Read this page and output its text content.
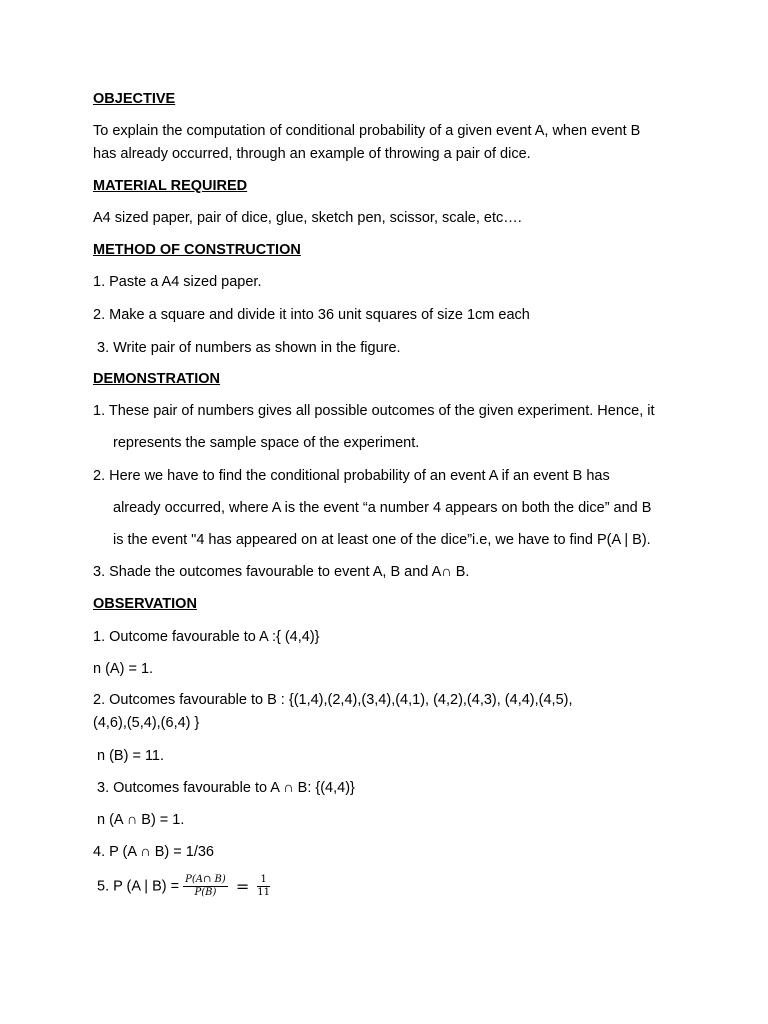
OBJECTIVE
To explain the computation of conditional probability of a given event A, when event B
has already occurred, through an example of throwing a pair of dice.
MATERIAL REQUIRED
A4 sized paper, pair of dice, glue, sketch pen, scissor, scale, etc….
METHOD OF CONSTRUCTION
1. Paste a A4 sized paper.
2. Make a square and divide it into 36 unit squares of size 1cm each
3. Write pair of numbers as shown in the figure.
DEMONSTRATION
1. These pair of numbers gives all possible outcomes of the given experiment. Hence, it
represents the sample space of the experiment.
2. Here we have to find the conditional probability of an event A if an event B has
already occurred, where A is the event “a number 4 appears on both the dice” and B
is the event "4 has appeared on at least one of the dice”i.e, we have to find P(A | B).
3. Shade the outcomes favourable to event A, B and A∩ B.
OBSERVATION
1. Outcome favourable to A :{ (4,4)}
n (A) = 1.
2. Outcomes favourable to B : {(1,4),(2,4),(3,4),(4,1), (4,2),(4,3), (4,4),(4,5),
(4,6),(5,4),(6,4) }
n (B) = 11.
3. Outcomes favourable to A ∩ B: {(4,4)}
n (A ∩ B) = 1.
4. P (A ∩ B) = 1/36
5. P (A | $B) = \frac{P(A\cap B)}{P(B)} = \frac{1}{11}$
